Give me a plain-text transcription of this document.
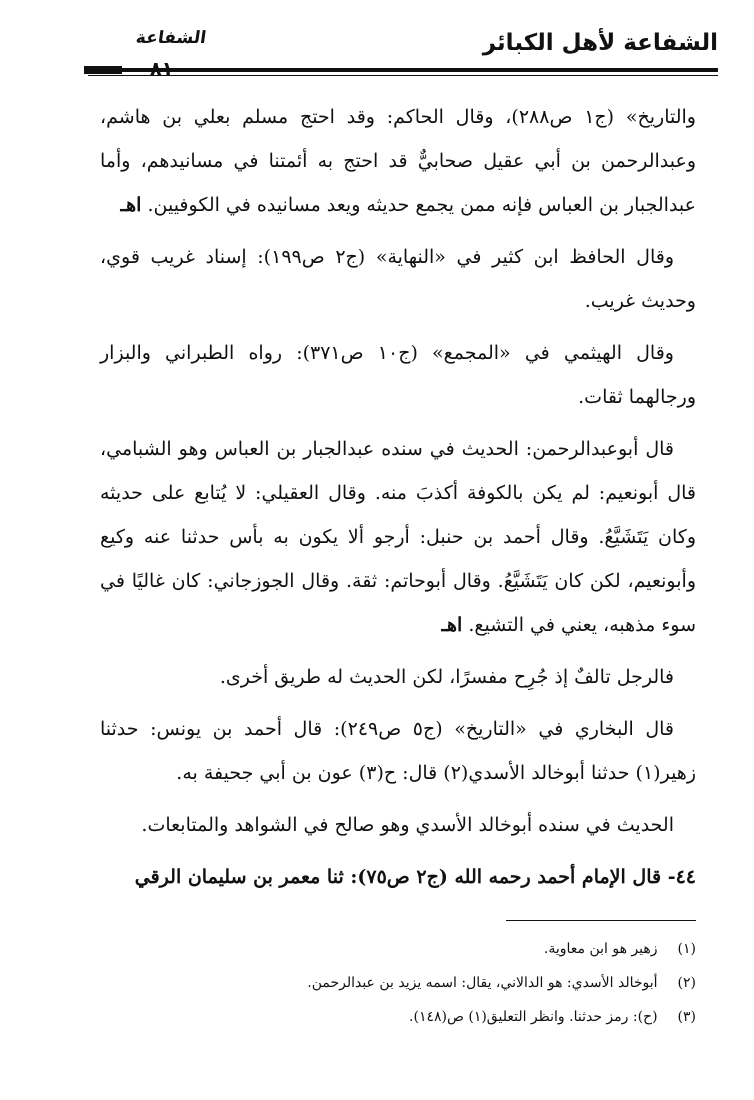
الشفاعة لأهل الكبائر
الشفاعة

والتاريخ» (ج١ ص٢٨٨)، وقال الحاكم: وقد احتج مسلم بعلي بن هاشم، وعبدالرحمن بن أبي عقيل صحابيٌّ قد احتج به أئمتنا في مسانيدهم، وأما عبدالجبار بن العباس فإنه ممن يجمع حديثه ويعد مسانيده في الكوفيين. اهـ

وقال الحافظ ابن كثير في «النهاية» (ج٢ ص١٩٩): إسناد غريب قوي، وحديث غريب.

وقال الهيثمي في «المجمع» (ج١٠ ص٣٧١): رواه الطبراني والبزار ورجالهما ثقات.

قال أبوعبدالرحمن: الحديث في سنده عبدالجبار بن العباس وهو الشبامي، قال أبونعيم: لم يكن بالكوفة أكذبَ منه. وقال العقيلي: لا يُتابع على حديثه وكان يَتَشَيَّعُ. وقال أحمد بن حنبل: أرجو ألا يكون به بأس حدثنا عنه وكيع وأبونعيم، لكن كان يَتَشَيَّعُ. وقال أبوحاتم: ثقة. وقال الجوزجاني: كان غاليًا في سوء مذهبه، يعني في التشيع. اهـ

فالرجل تالفٌ إذ جُرِح مفسرًا، لكن الحديث له طريق أخرى.

قال البخاري في «التاريخ» (ج٥ ص٢٤٩): قال أحمد بن يونس: حدثنا زهير(١) حدثنا أبوخالد الأسدي(٢) قال: ح(٣) عون بن أبي جحيفة به.

الحديث في سنده أبوخالد الأسدي وهو صالح في الشواهد والمتابعات.

٤٤- قال الإمام أحمد رحمه الله (ج٢ ص٧٥): ثنا معمر بن سليمان الرقي

(١) زهير هو ابن معاوية.

(٢) أبوخالد الأسدي: هو الدالاني، يقال: اسمه يزيد بن عبدالرحمن.

(٣) (ح): رمز حدثنا. وانظر التعليق(١) ص(١٤٨).
